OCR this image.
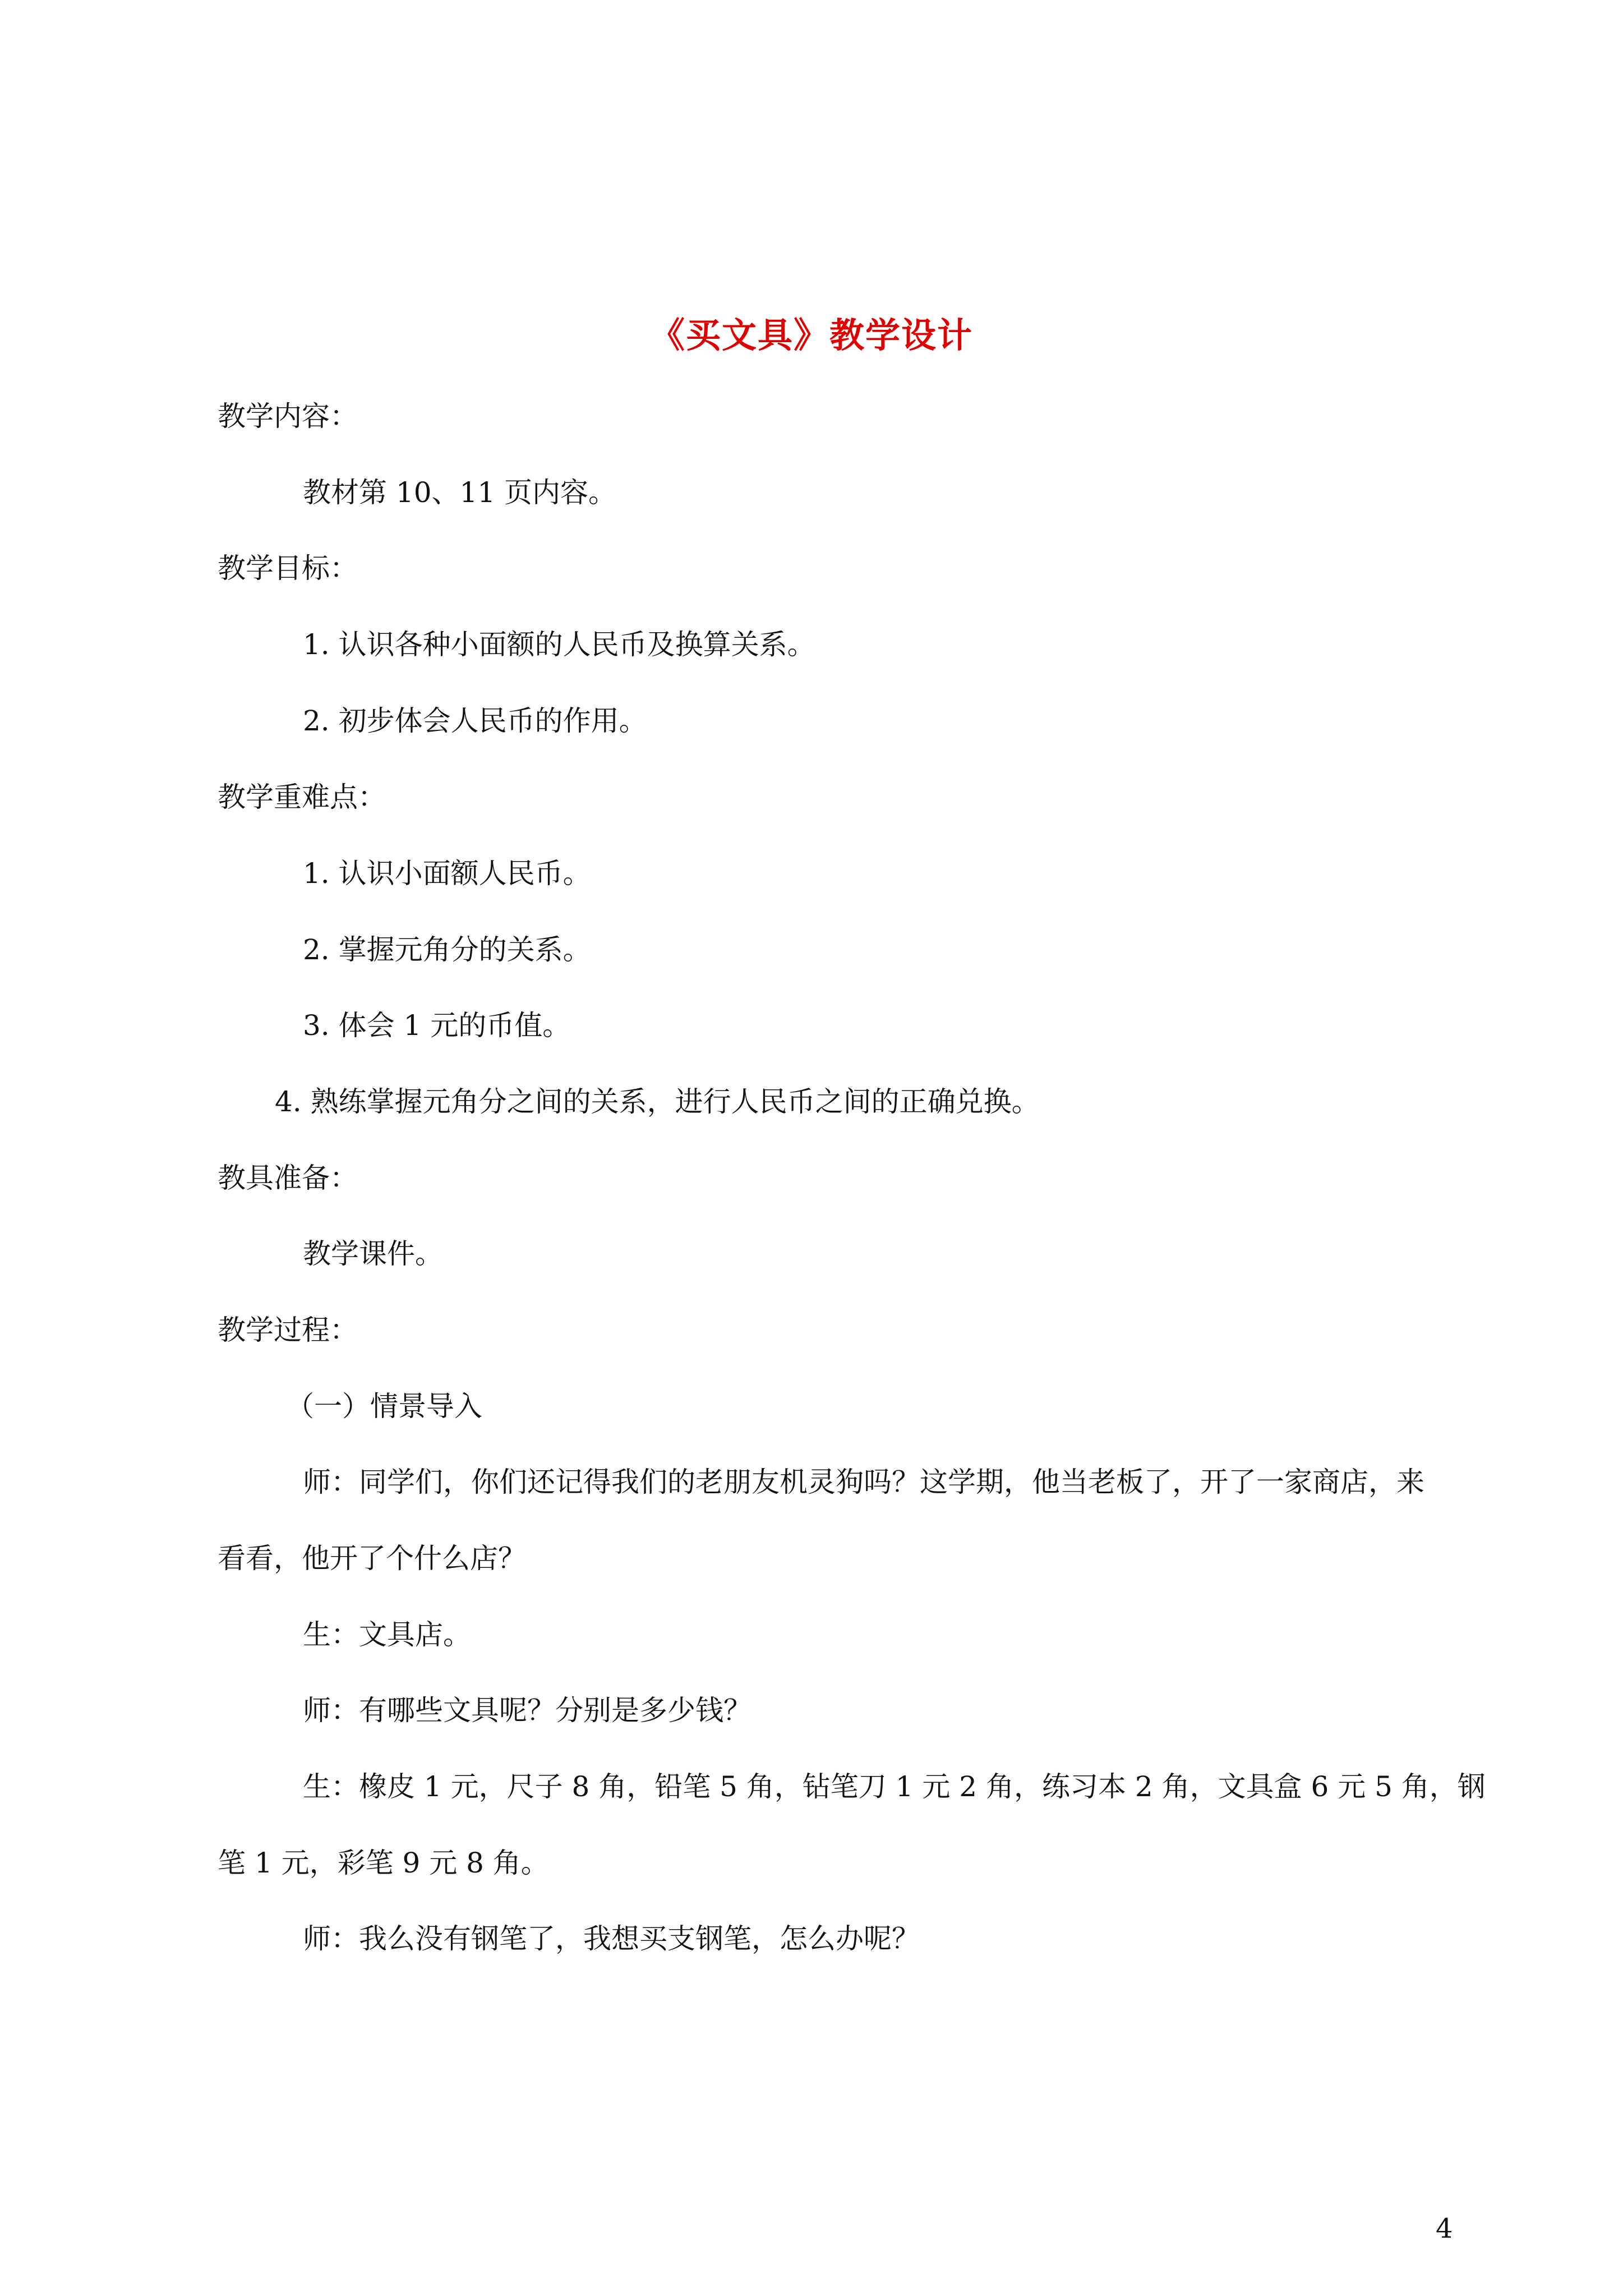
《买文具》教学设计
教学内容：
教材第 10、11 页内容。
教学目标：
1. 认识各种小面额的人民币及换算关系。
2. 初步体会人民币的作用。
教学重难点：
1. 认识小面额人民币。
2. 掌握元角分的关系。
3. 体会 1 元的币值。
4. 熟练掌握元角分之间的关系，进行人民币之间的正确兑换。
教具准备：
教学课件。
教学过程：
（一）情景导入
师：同学们，你们还记得我们的老朋友机灵狗吗？这学期，他当老板了，开了一家商店，来
看看，他开了个什么店？
生：文具店。
师：有哪些文具呢？分别是多少钱？
生：橡皮 1 元，尺子 8 角，铅笔 5 角，钻笔刀 1 元 2 角，练习本 2 角，文具盒 6 元 5 角，钢
笔 1 元，彩笔 9 元 8 角。
师：我么没有钢笔了，我想买支钢笔，怎么办呢？
4
